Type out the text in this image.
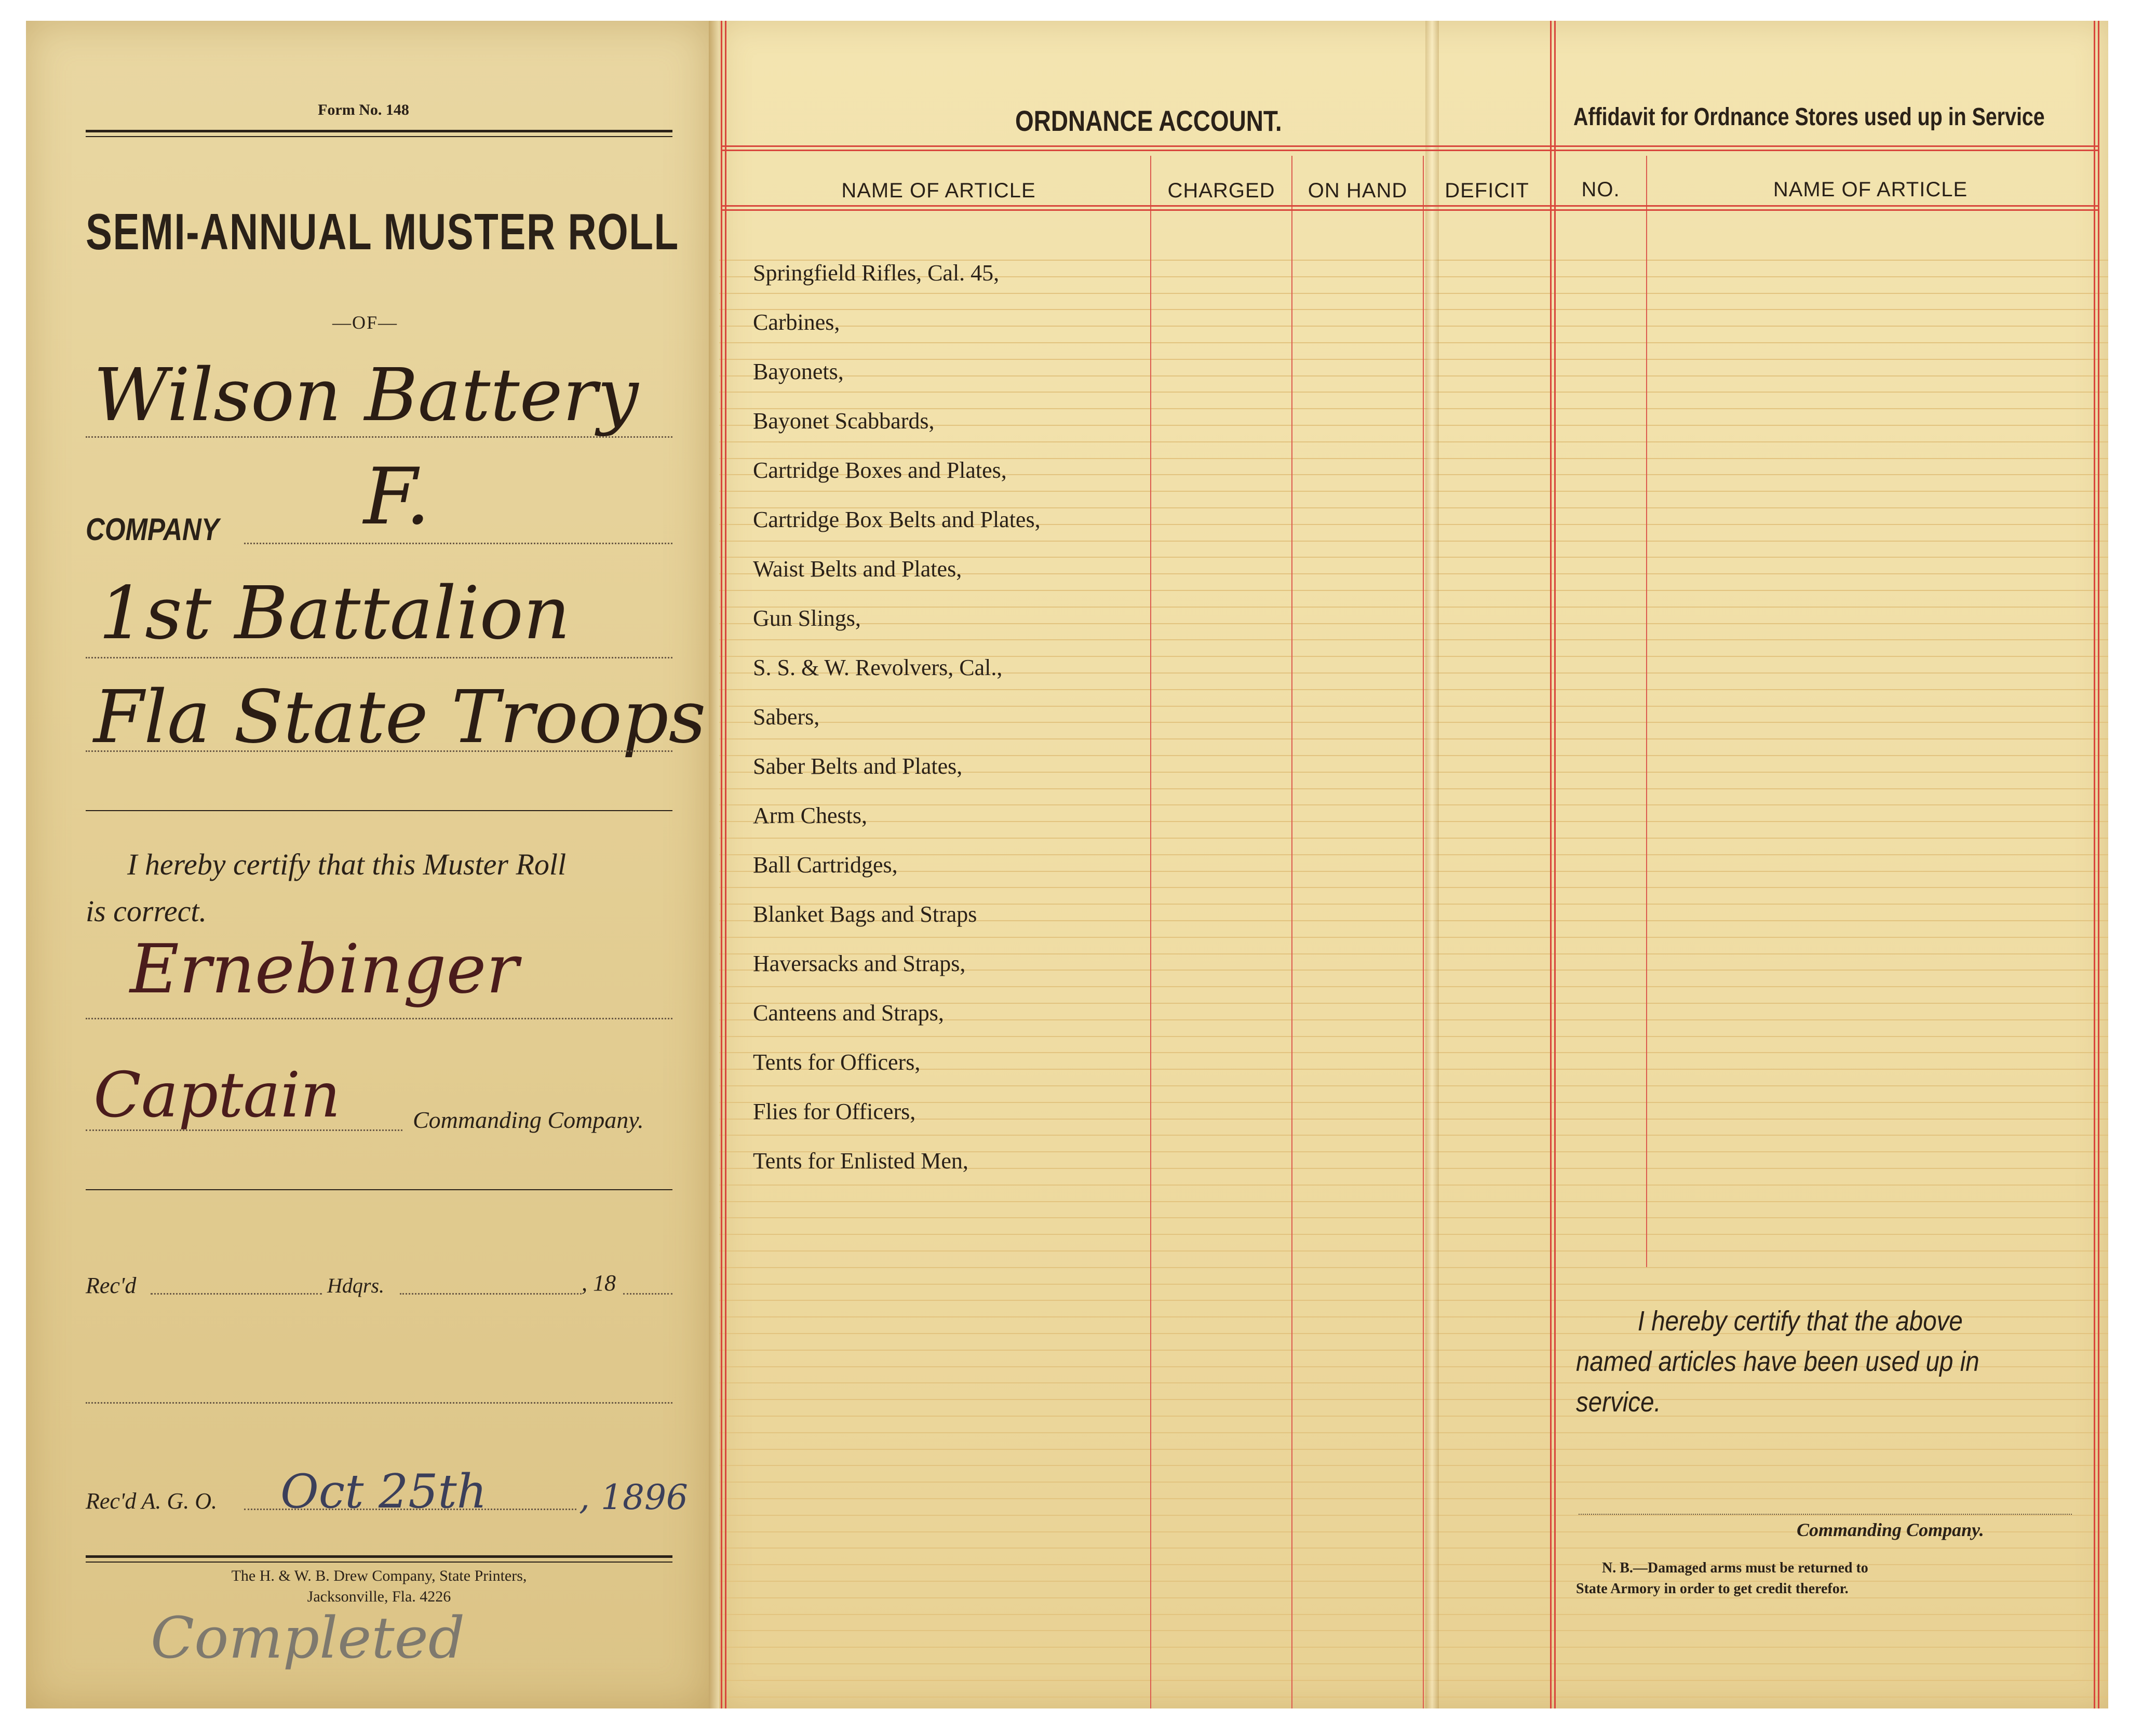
Form No. 148
SEMI-ANNUAL MUSTER ROLL
—OF—
Wilson Battery
COMPANY F.
1st Battalion
Fla State Troops
I hereby certify that this Muster Roll
is correct.
Ernebinger
Captain	Commanding Company.
Rec'd	Hdqrs.	, 18
Rec'd A. G. O. Oct 25th	, 1896
The H. & W. B. Drew Company, State Printers,
Jacksonville, Fla. 4226
Completed
ORDNANCE ACCOUNT.
NAME OF ARTICLE	CHARGED	ON HAND	DEFICIT
Affidavit for Ordnance Stores used up in Service
NO.	NAME OF ARTICLE
Springfield Rifles, Cal. 45,
Carbines,
Bayonets,
Bayonet Scabbards,
Cartridge Boxes and Plates,
Cartridge Box Belts and Plates,
Waist Belts and Plates,
Gun Slings,
S. S. & W. Revolvers, Cal.,
Sabers,
Saber Belts and Plates,
Arm Chests,
Ball Cartridges,
Blanket Bags and Straps
Haversacks and Straps,
Canteens and Straps,
Tents for Officers,
Flies for Officers,
Tents for Enlisted Men,
I hereby certify that the above
named articles have been used up in
service.
Commanding Company.
N. B.—Damaged arms must be returned to
State Armory in order to get credit therefor.
